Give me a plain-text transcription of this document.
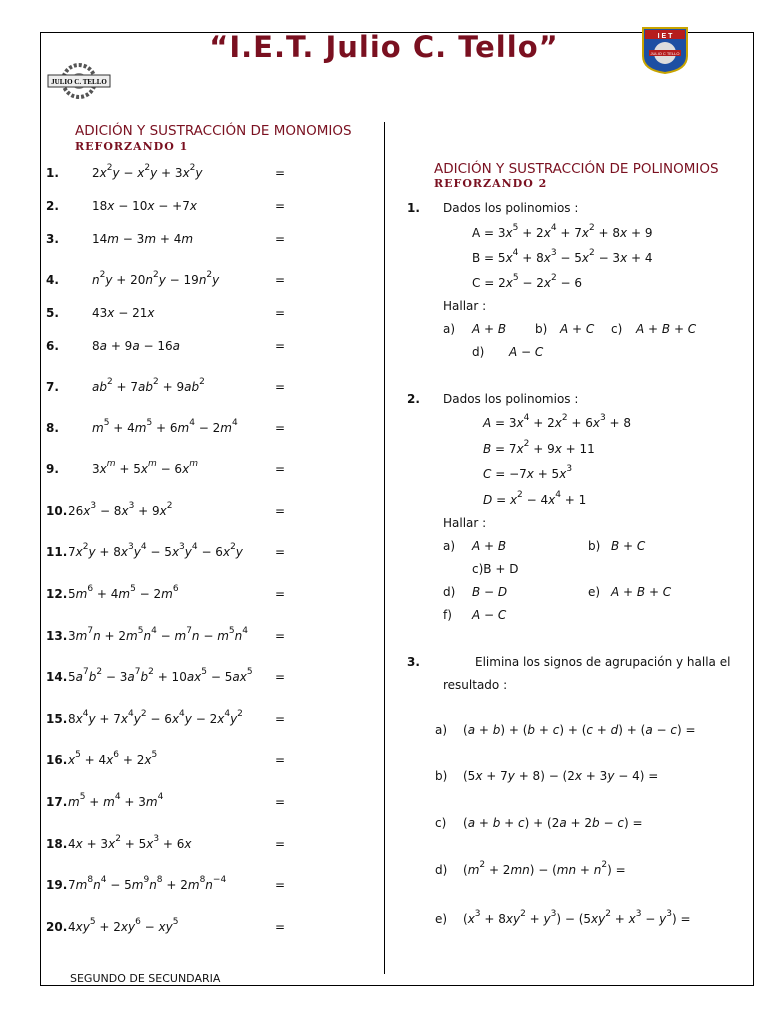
“I.E.T. Julio C. Tello”
JULIO C. TELLO
I E T
JULIO C TELLO
ADICIÓN Y SUSTRACCIÓN DE MONOMIOS
REFORZANDO 1
1.	$2x^2y - x^2y + 3x^2y$	=
2.	18x − 10x − +7x	=
3.	14m − 3m + 4m	=
4.	$n^2y + 20n^2y - 19n^2y$	=
5.	43x − 21x	=
6.	8a + 9a − 16a	=
7.	$ab^2 + 7ab^2 + 9ab^2$	=
8.	$m^5 + 4m^5 + 6m^4 - 2m^4$	=
9.	$3x^m + 5x^m - 6x^m$	=
10. $26x^3 - 8x^3 + 9x^2$	=
11. $7x^2y + 8x^3y^4 - 5x^3y^4 - 6x^2y$	=
12. $5m^6 + 4m^5 - 2m^6$	=
13. $3m^7n + 2m^5n^4 - m^7n - m^5n^4$ =
14. $5a^7b^2 - 3a^7b^2 + 10ax^5 - 5ax^5$ =
15. $8x^4y + 7x^4y^2 - 6x^4y - 2x^4y^2$	=
16. $x^5 + 4x^6 + 2x^5$	=
17. $m^5 + m^4 + 3m^4$	=
18. $4x + 3x^2 + 5x^3 + 6x$	=
19. $7m^8n^4 - 5m^9n^8 + 2m^8n^{-4}$	=
20. $4xy^5 + 2xy^6 - xy^5$	=
ADICIÓN Y SUSTRACCIÓN DE POLINOMIOS
REFORZANDO 2
1. Dados los polinomios :
$A = 3x^5 + 2x^4 + 7x^2 + 8x + 9$
$B = 5x^4 + 8x^3 - 5x^2 - 3x + 4$
$C = 2x^5 - 2x^2 - 6$
Hallar :
a) A + B b) A + C c) A + B + C
d) A − C
2. Dados los polinomios :
$A = 3x^4 + 2x^2 + 6x^3 + 8$
$B = 7x^2 + 9x + 11$
$C = -7x + 5x^3$
$D = x^2 - 4x^4 + 1$
Hallar :
a) A + B	b) B + C
c)B + D
d) B − D	e) A + B + C
f) A − C
3.	Elimina los signos de agrupación y halla el
resultado :
a) (a + b) + (b + c) + (c + d) + (a − c) =
b) (5x + 7y + 8) − (2x + 3y − 4) =
c) (a + b + c) + (2a + 2b − c) =
d) $(m^2 + 2mn) - (mn + n^2)$ =
e) $(x^3 + 8xy^2 + y^3) - (5xy^2 + x^3 - y^3)$ =
SEGUNDO DE SECUNDARIA
